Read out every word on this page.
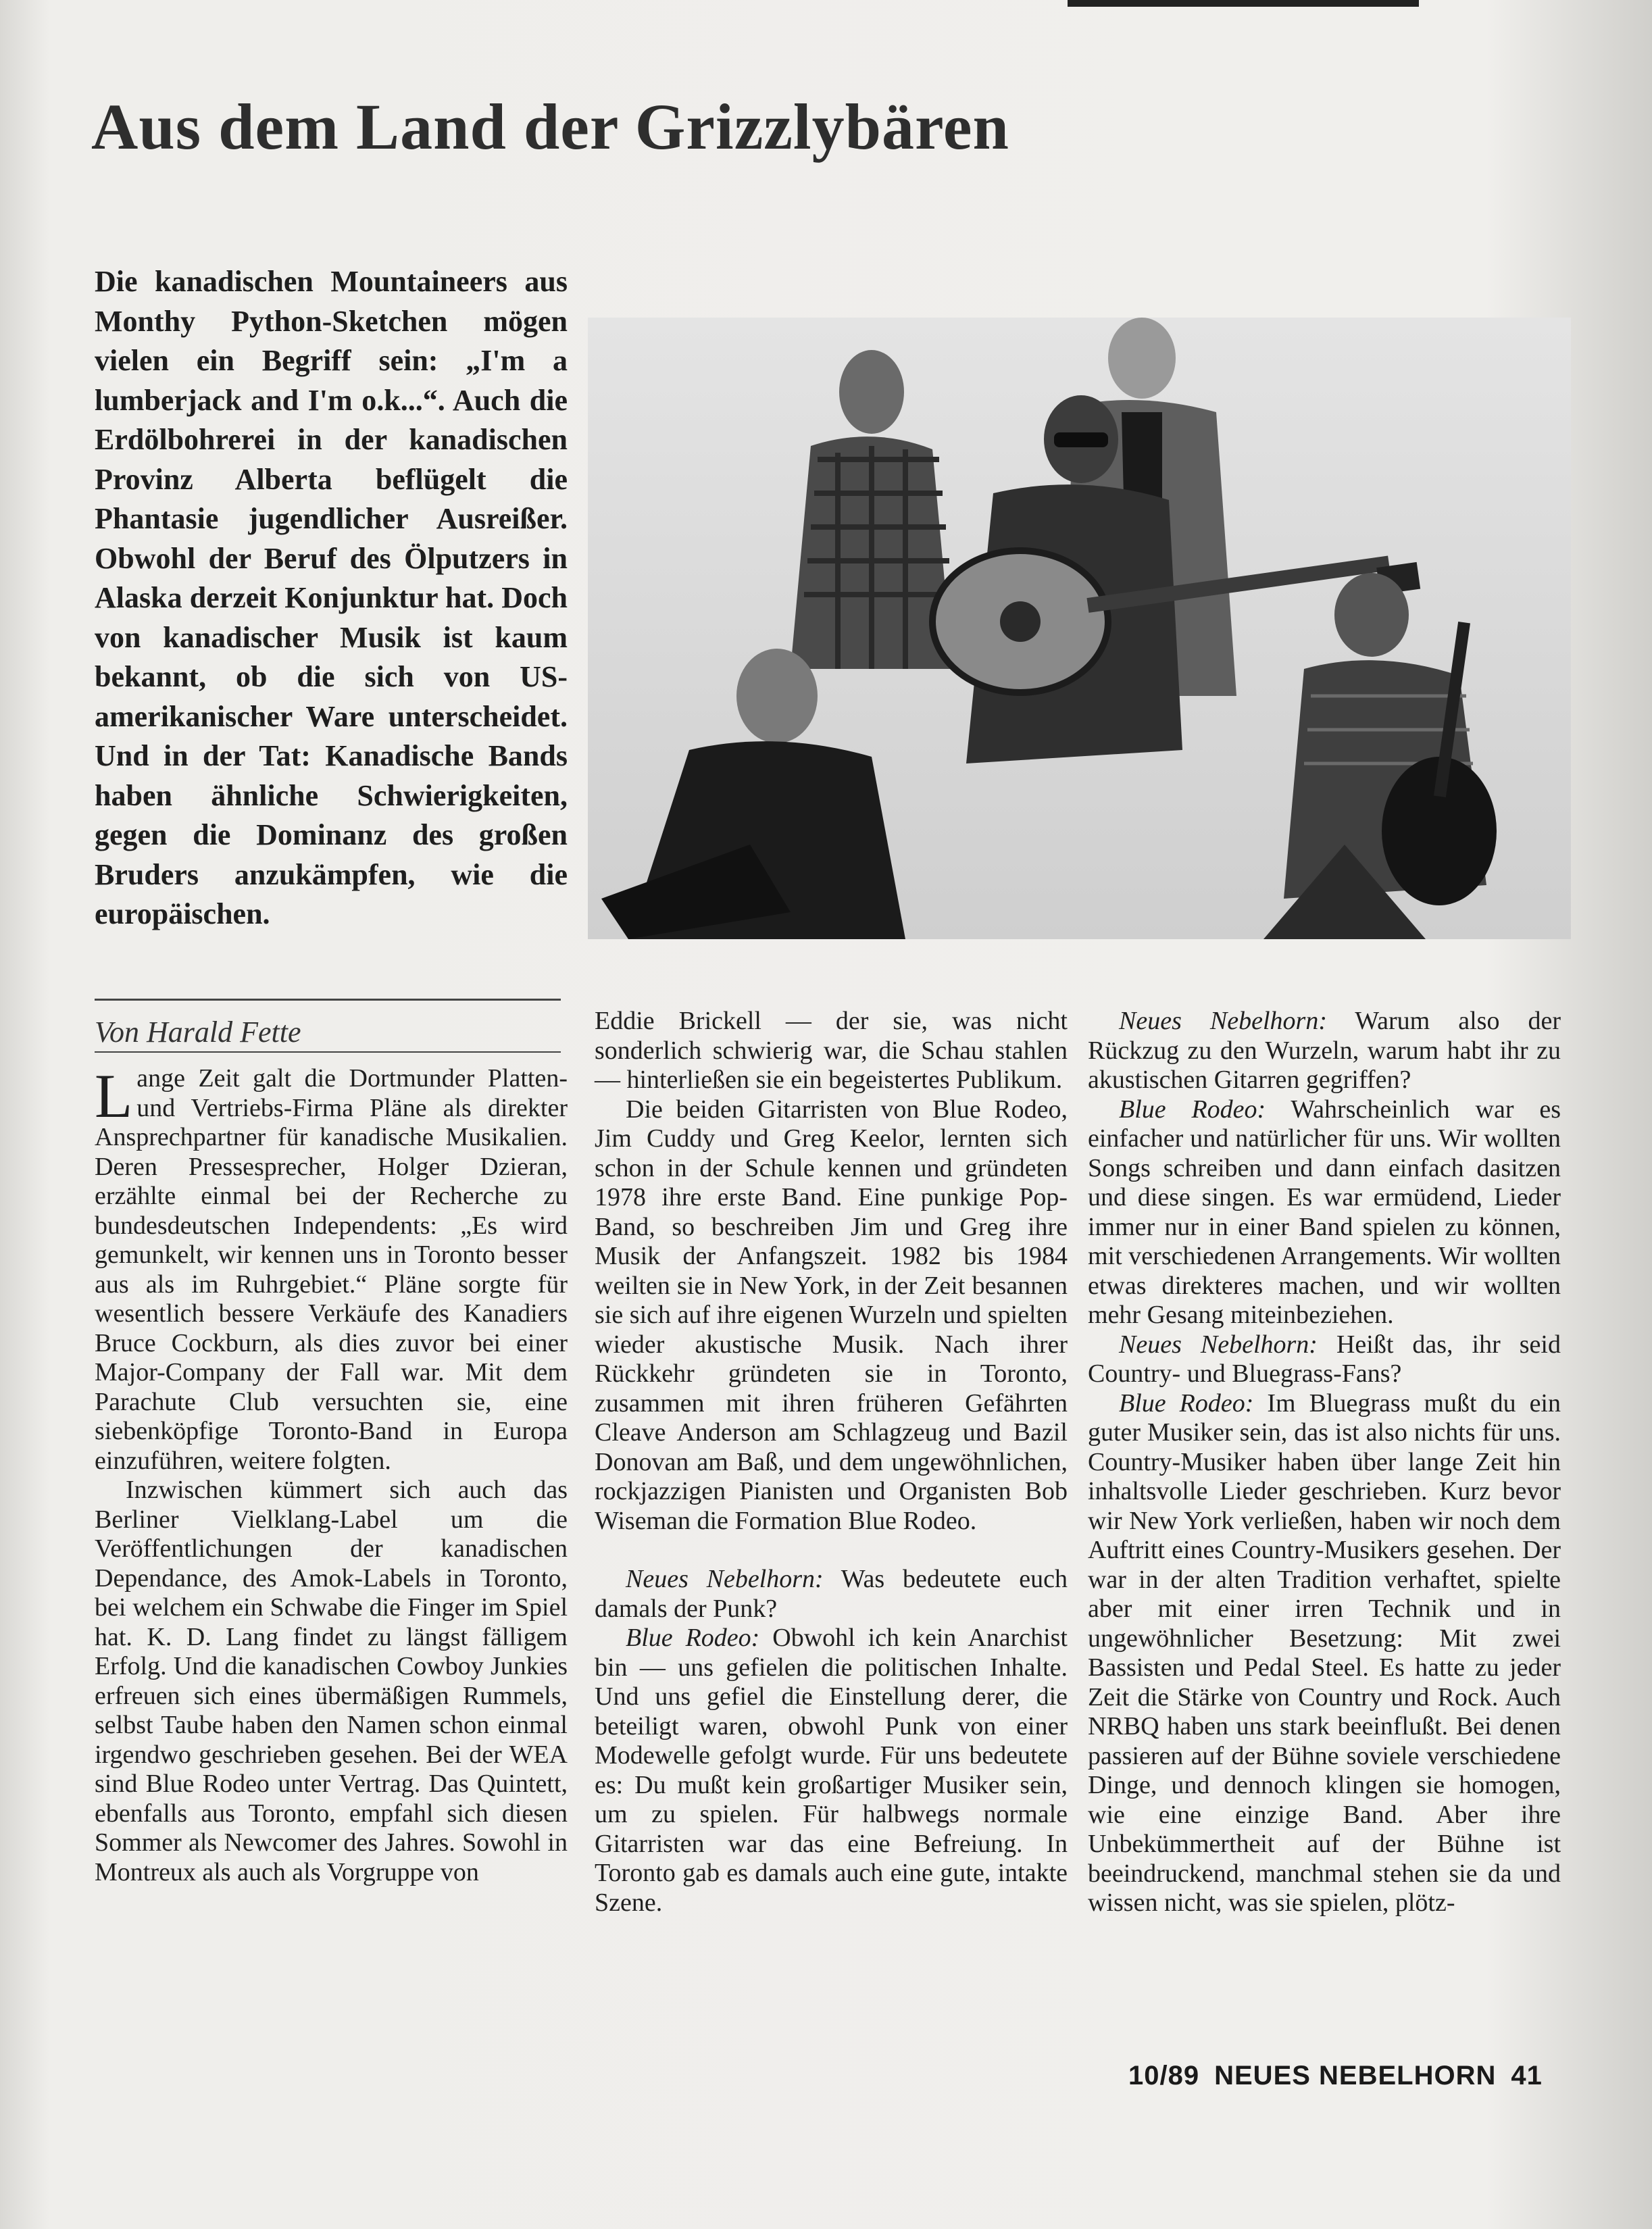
Aus dem Land der Grizzlybären

Die kanadischen Mountaineers aus Monthy Python-Sketchen mögen vielen ein Begriff sein: „I'm a lumberjack and I'm o.k...“. Auch die Erdölbohrerei in der kanadischen Provinz Alberta beflügelt die Phantasie jugendlicher Ausreißer. Obwohl der Beruf des Ölputzers in Alaska derzeit Konjunktur hat. Doch von kanadischer Musik ist kaum bekannt, ob die sich von US-amerikanischer Ware unterscheidet. Und in der Tat: Kanadische Bands haben ähnliche Schwierigkeiten, gegen die Dominanz des großen Bruders anzukämpfen, wie die europäischen.

Von Harald Fette

Lange Zeit galt die Dortmunder Platten- und Vertriebs-Firma Pläne als direkter Ansprechpartner für kanadische Musikalien. Deren Pressesprecher, Holger Dzieran, erzählte einmal bei der Recherche zu bundesdeutschen Independents: „Es wird gemunkelt, wir kennen uns in Toronto besser aus als im Ruhrgebiet.“ Pläne sorgte für wesentlich bessere Verkäufe des Kanadiers Bruce Cockburn, als dies zuvor bei einer Major-Company der Fall war. Mit dem Parachute Club versuchten sie, eine siebenköpfige Toronto-Band in Europa einzuführen, weitere folgten.

Inzwischen kümmert sich auch das Berliner Vielklang-Label um die Veröffentlichungen der kanadischen Dependance, des Amok-Labels in Toronto, bei welchem ein Schwabe die Finger im Spiel hat. K. D. Lang findet zu längst fälligem Erfolg. Und die kanadischen Cowboy Junkies erfreuen sich eines übermäßigen Rummels, selbst Taube haben den Namen schon einmal irgendwo geschrieben gesehen. Bei der WEA sind Blue Rodeo unter Vertrag. Das Quintett, ebenfalls aus Toronto, empfahl sich diesen Sommer als Newcomer des Jahres. Sowohl in Montreux als auch als Vorgruppe von

Eddie Brickell — der sie, was nicht sonderlich schwierig war, die Schau stahlen — hinterließen sie ein begeistertes Publikum.

Die beiden Gitarristen von Blue Rodeo, Jim Cuddy und Greg Keelor, lernten sich schon in der Schule kennen und gründeten 1978 ihre erste Band. Eine punkige Pop-Band, so beschreiben Jim und Greg ihre Musik der Anfangszeit. 1982 bis 1984 weilten sie in New York, in der Zeit besannen sie sich auf ihre eigenen Wurzeln und spielten wieder akustische Musik. Nach ihrer Rückkehr gründeten sie in Toronto, zusammen mit ihren früheren Gefährten Cleave Anderson am Schlagzeug und Bazil Donovan am Baß, und dem ungewöhnlichen, rockjazzigen Pianisten und Organisten Bob Wiseman die Formation Blue Rodeo.

Neues Nebelhorn: Was bedeutete euch damals der Punk?

Blue Rodeo: Obwohl ich kein Anarchist bin — uns gefielen die politischen Inhalte. Und uns gefiel die Einstellung derer, die beteiligt waren, obwohl Punk von einer Modewelle gefolgt wurde. Für uns bedeutete es: Du mußt kein großartiger Musiker sein, um zu spielen. Für halbwegs normale Gitarristen war das eine Befreiung. In Toronto gab es damals auch eine gute, intakte Szene.

Neues Nebelhorn: Warum also der Rückzug zu den Wurzeln, warum habt ihr zu akustischen Gitarren gegriffen?

Blue Rodeo: Wahrscheinlich war es einfacher und natürlicher für uns. Wir wollten Songs schreiben und dann einfach dasitzen und diese singen. Es war ermüdend, Lieder immer nur in einer Band spielen zu können, mit verschiedenen Arrangements. Wir wollten etwas direkteres machen, und wir wollten mehr Gesang miteinbeziehen.

Neues Nebelhorn: Heißt das, ihr seid Country- und Bluegrass-Fans?

Blue Rodeo: Im Bluegrass mußt du ein guter Musiker sein, das ist also nichts für uns. Country-Musiker haben über lange Zeit hin inhaltsvolle Lieder geschrieben. Kurz bevor wir New York verließen, haben wir noch dem Auftritt eines Country-Musikers gesehen. Der war in der alten Tradition verhaftet, spielte aber mit einer irren Technik und in ungewöhnlicher Besetzung: Mit zwei Bassisten und Pedal Steel. Es hatte zu jeder Zeit die Stärke von Country und Rock. Auch NRBQ haben uns stark beeinflußt. Bei denen passieren auf der Bühne soviele verschiedene Dinge, und dennoch klingen sie homogen, wie eine einzige Band. Aber ihre Unbekümmertheit auf der Bühne ist beeindruckend, manchmal stehen sie da und wissen nicht, was sie spielen, plötz-

10/89 NEUES NEBELHORN 41
